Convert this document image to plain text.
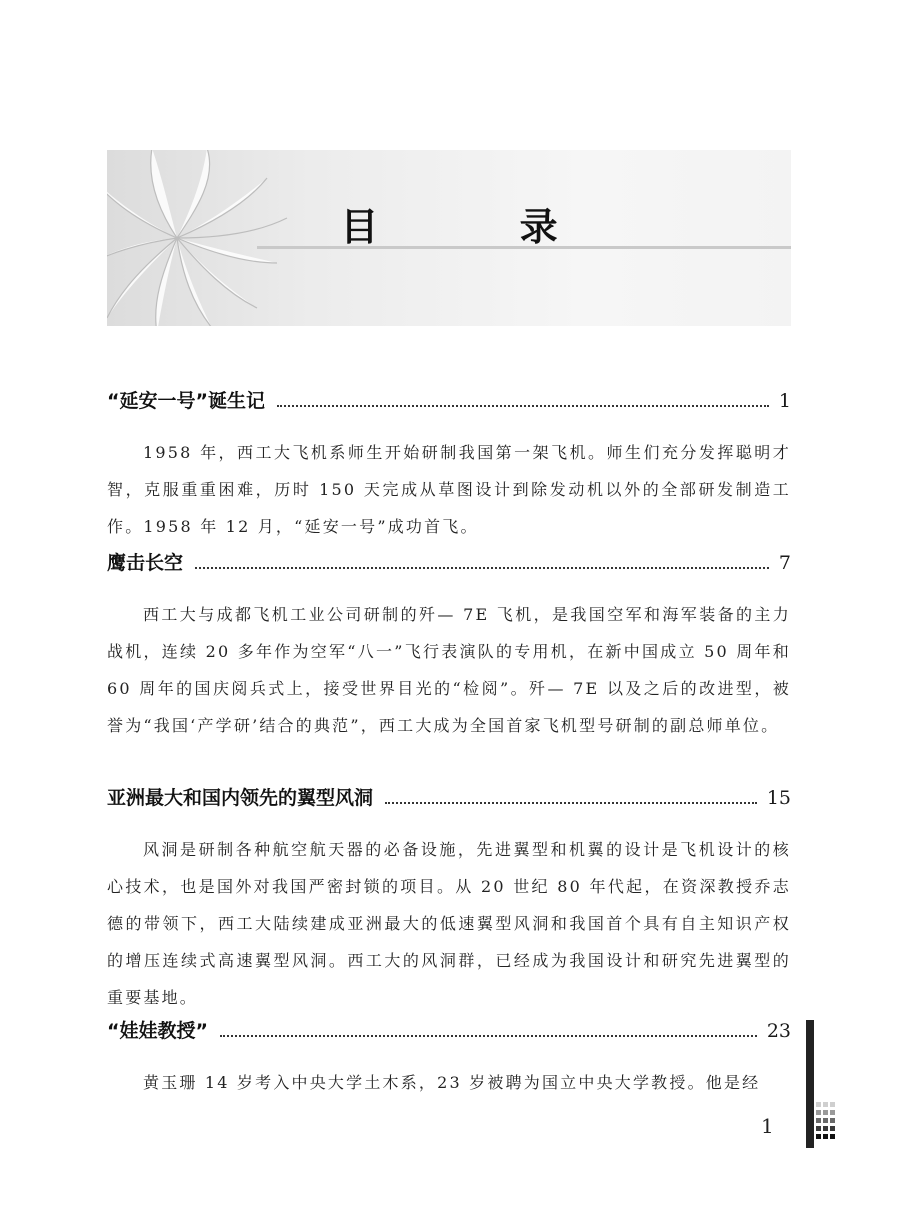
目 录
“延安一号”诞生记	1

1958 年，西工大飞机系师生开始研制我国第一架飞机。师生们充分发挥聪明才智，克服重重困难，历时 150 天完成从草图设计到除发动机以外的全部研发制造工作。1958 年 12 月，“延安一号”成功首飞。

鹰击长空	7

西工大与成都飞机工业公司研制的歼— 7E 飞机，是我国空军和海军装备的主力战机，连续 20 多年作为空军“八一”飞行表演队的专用机，在新中国成立 50 周年和 60 周年的国庆阅兵式上，接受世界目光的“检阅”。歼— 7E 以及之后的改进型，被誉为“我国‘产学研’结合的典范”，西工大成为全国首家飞机型号研制的副总师单位。

亚洲最大和国内领先的翼型风洞	15

风洞是研制各种航空航天器的必备设施，先进翼型和机翼的设计是飞机设计的核心技术，也是国外对我国严密封锁的项目。从 20 世纪 80 年代起，在资深教授乔志德的带领下，西工大陆续建成亚洲最大的低速翼型风洞和我国首个具有自主知识产权的增压连续式高速翼型风洞。西工大的风洞群，已经成为我国设计和研究先进翼型的重要基地。

“娃娃教授”	23

黄玉珊 14 岁考入中央大学土木系，23 岁被聘为国立中央大学教授。他是经

1
